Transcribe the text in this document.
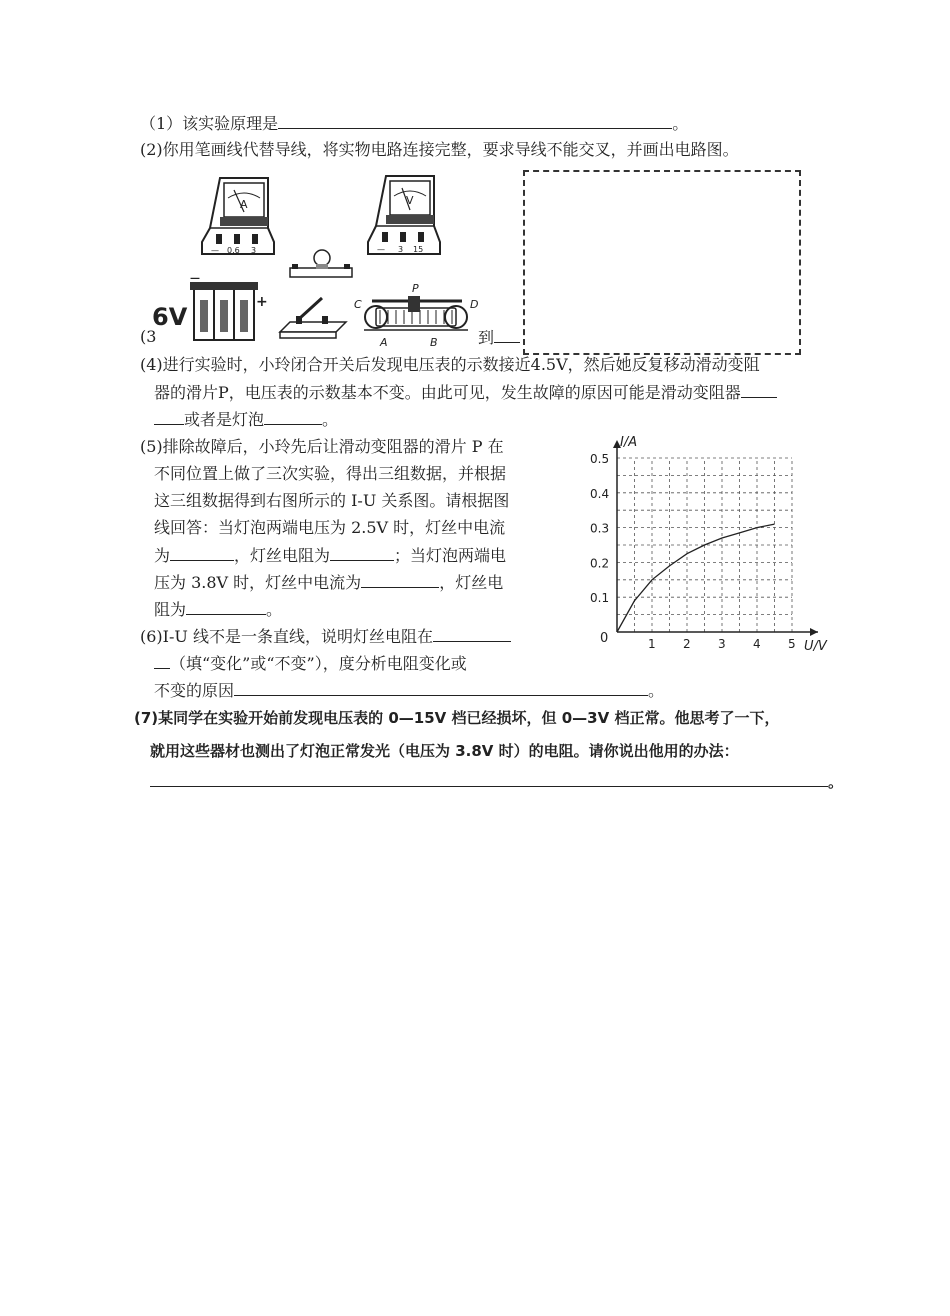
（1）该实验原理是	。
(2)你用笔画线代替导线，将实物电路连接完整，要求导线不能交叉，并画出电路图。
A
— 0.6 3
V
— 3 15
6V
+
—
C
P
D
A	B
(3	到
(4)进行实验时，小玲闭合开关后发现电压表的示数接近4.5V，然后她反复移动滑动变阻
器的滑片P，电压表的示数基本不变。由此可见，发生故障的原因可能是滑动变阻器
或者是灯泡	。
(5)排除故障后，小玲先后让滑动变阻器的滑片 P 在
不同位置上做了三次实验，得出三组数据，并根据
这三组数据得到右图所示的 I-U 关系图。请根据图
线回答：当灯泡两端电压为 2.5V 时，灯丝中电流
为	，灯丝电阻为	；当灯泡两端电
压为 3.8V 时，灯丝中电流为	，灯丝电
阻为	。
(6)I-U 线不是一条直线，说明灯丝电阻在
（填“变化”或“不变”），度分析电阻变化或
不变的原因	。
(7)某同学在实验开始前发现电压表的 0—15V 档已经损坏，但 0—3V 档正常。他思考了一下，
就用这些器材也测出了灯泡正常发光（电压为 3.8V 时）的电阻。请你说出他用的办法：
。
1 2 3 4 5
0.1
0.2
0.3
0.4
0.5
0
I/A
U/V
